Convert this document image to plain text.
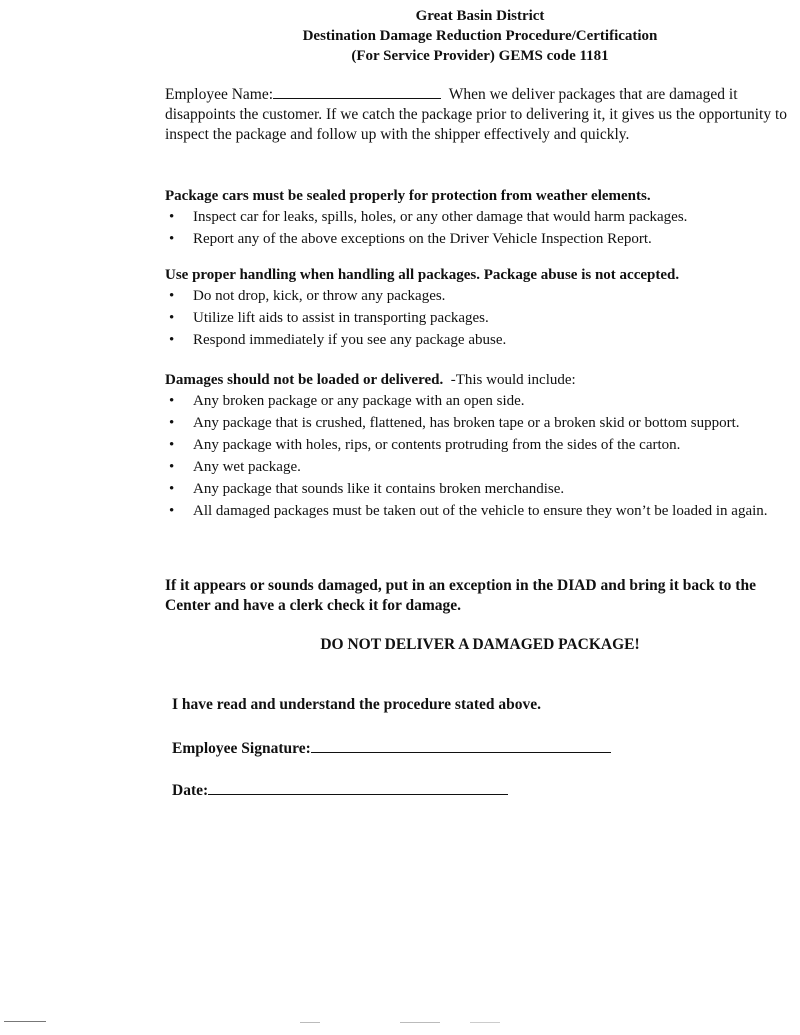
Great Basin District
Destination Damage Reduction Procedure/Certification
(For Service Provider) GEMS code 1181
Employee Name:	When we deliver packages that are damaged it disappoints the customer. If we catch the package prior to delivering it, it gives us the opportunity to inspect the package and follow up with the shipper effectively and quickly.

Package cars must be sealed properly for protection from weather elements.

• Inspect car for leaks, spills, holes, or any other damage that would harm packages.
• Report any of the above exceptions on the Driver Vehicle Inspection Report.

Use proper handling when handling all packages. Package abuse is not accepted.

• Do not drop, kick, or throw any packages.
• Utilize lift aids to assist in transporting packages.
• Respond immediately if you see any package abuse.

Damages should not be loaded or delivered. -This would include:

• Any broken package or any package with an open side.
• Any package that is crushed, flattened, has broken tape or a broken skid or bottom support.
• Any package with holes, rips, or contents protruding from the sides of the carton.
• Any wet package.
• Any package that sounds like it contains broken merchandise.
• All damaged packages must be taken out of the vehicle to ensure they won’t be loaded in again.
If it appears or sounds damaged, put in an exception in the DIAD and bring it back to the Center and have a clerk check it for damage.
DO NOT DELIVER A DAMAGED PACKAGE!
I have read and understand the procedure stated above.
Employee Signature:
Date:
